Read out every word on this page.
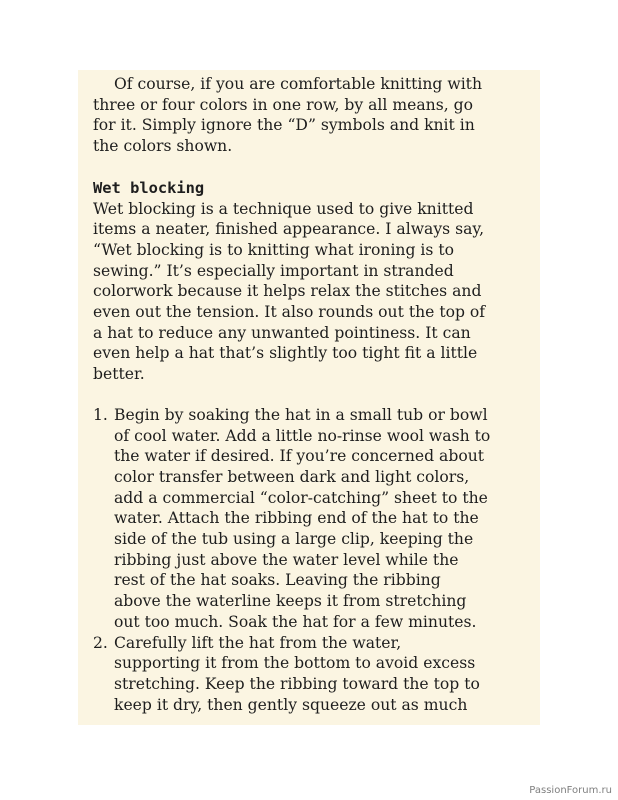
Of course, if you are comfortable knitting with
three or four colors in one row, by all means, go
for it. Simply ignore the “D” symbols and knit in
the colors shown.

Wet blocking

Wet blocking is a technique used to give knitted
items a neater, finished appearance. I always say,
“Wet blocking is to knitting what ironing is to
sewing.” It’s especially important in stranded
colorwork because it helps relax the stitches and
even out the tension. It also rounds out the top of
a hat to reduce any unwanted pointiness. It can
even help a hat that’s slightly too tight fit a little
better.

1. Begin by soaking the hat in a small tub or bowl
of cool water. Add a little no-rinse wool wash to
the water if desired. If you’re concerned about
color transfer between dark and light colors,
add a commercial “color-catching” sheet to the
water. Attach the ribbing end of the hat to the
side of the tub using a large clip, keeping the
ribbing just above the water level while the
rest of the hat soaks. Leaving the ribbing
above the waterline keeps it from stretching
out too much. Soak the hat for a few minutes.
2. Carefully lift the hat from the water,
supporting it from the bottom to avoid excess
stretching. Keep the ribbing toward the top to
keep it dry, then gently squeeze out as much
PassionForum.ru
